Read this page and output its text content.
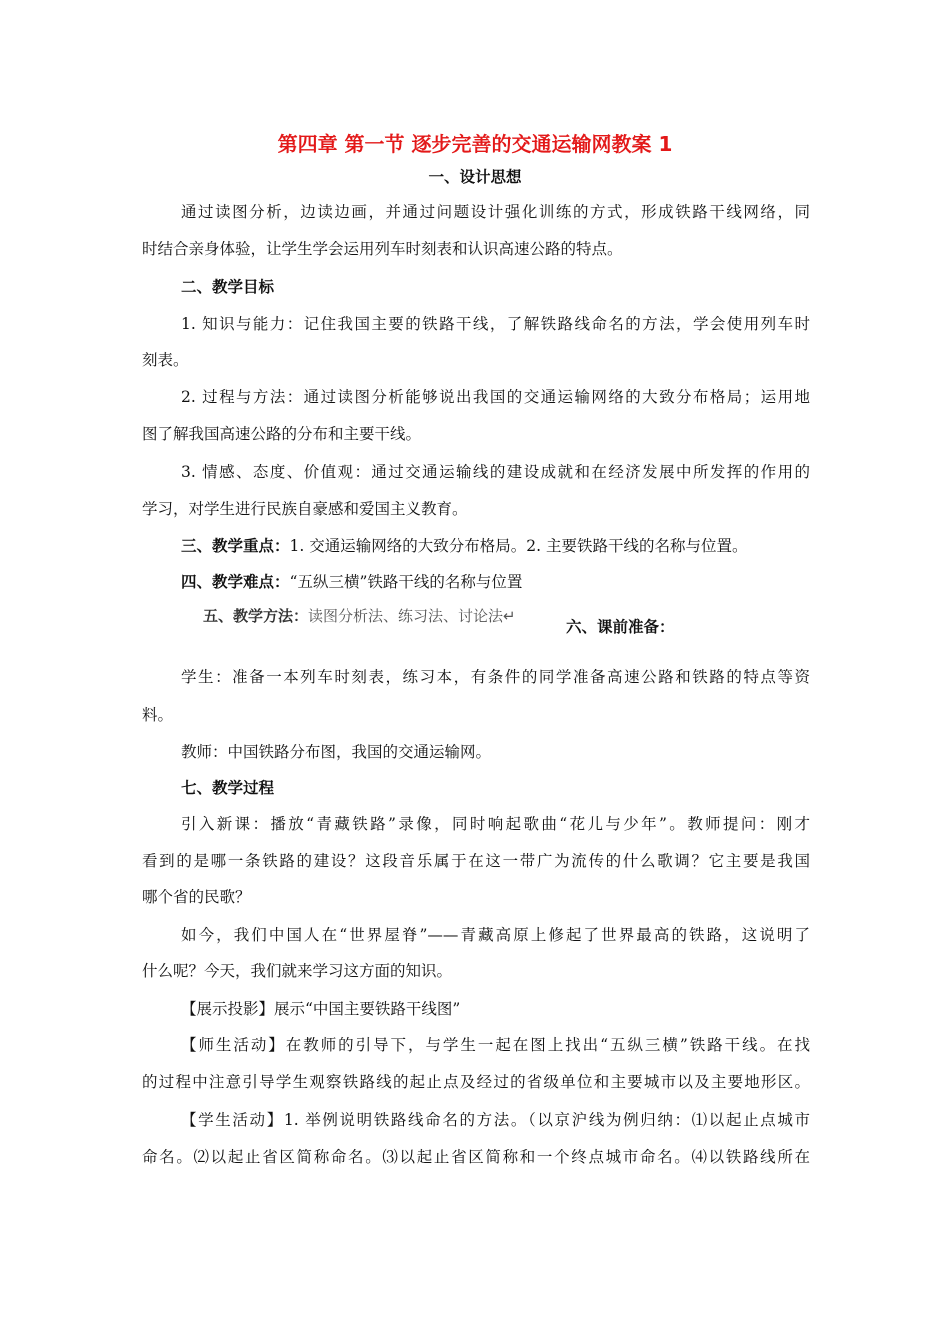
第四章 第一节 逐步完善的交通运输网教案 1
一、设计思想
通过读图分析，边读边画，并通过问题设计强化训练的方式，形成铁路干线网络，同
时结合亲身体验，让学生学会运用列车时刻表和认识高速公路的特点。
二、教学目标
1. 知识与能力：记住我国主要的铁路干线，了解铁路线命名的方法，学会使用列车时
刻表。
2. 过程与方法：通过读图分析能够说出我国的交通运输网络的大致分布格局；运用地
图了解我国高速公路的分布和主要干线。
3. 情感、态度、价值观：通过交通运输线的建设成就和在经济发展中所发挥的作用的
学习，对学生进行民族自豪感和爱国主义教育。
三、教学重点：1. 交通运输网络的大致分布格局。2. 主要铁路干线的名称与位置。
四、教学难点：“五纵三横”铁路干线的名称与位置
五、教学方法：读图分析法、练习法、讨论法↵
六、课前准备：
学生：准备一本列车时刻表，练习本，有条件的同学准备高速公路和铁路的特点等资
料。
教师：中国铁路分布图，我国的交通运输网。
七、教学过程
引入新课：播放“青藏铁路”录像，同时响起歌曲“花儿与少年”。教师提问：刚才
看到的是哪一条铁路的建设？这段音乐属于在这一带广为流传的什么歌调？它主要是我国
哪个省的民歌？
如今，我们中国人在“世界屋脊”——青藏高原上修起了世界最高的铁路，这说明了
什么呢？今天，我们就来学习这方面的知识。
【展示投影】展示“中国主要铁路干线图”
【师生活动】在教师的引导下，与学生一起在图上找出“五纵三横”铁路干线。在找
的过程中注意引导学生观察铁路线的起止点及经过的省级单位和主要城市以及主要地形区。
【学生活动】1. 举例说明铁路线命名的方法。（以京沪线为例归纳：⑴以起止点城市
命名。⑵以起止省区简称命名。⑶以起止省区简称和一个终点城市命名。⑷以铁路线所在
